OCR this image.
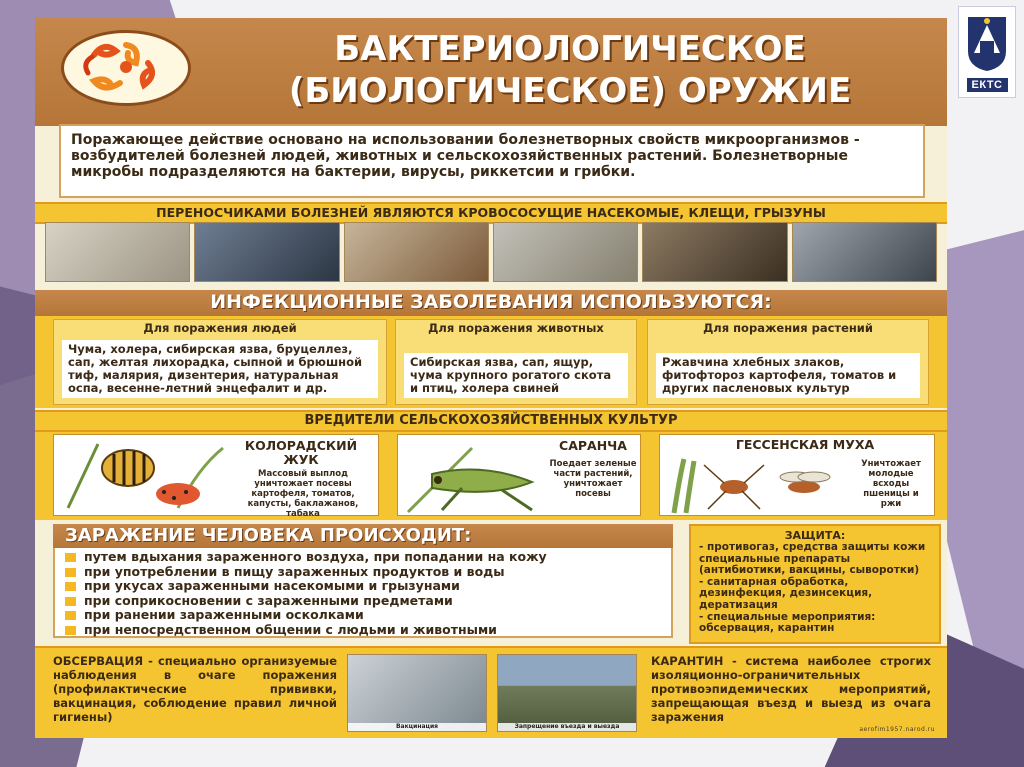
ЕКТС
БАКТЕРИОЛОГИЧЕСКОЕ
(БИОЛОГИЧЕСКОЕ) ОРУЖИЕ
Поражающее действие основано на использовании болезнетворных свойств микроорганизмов - возбудителей болезней людей, животных и сельскохозяйственных растений. Болезнетворные микробы подразделяются на бактерии, вирусы, риккетсии и грибки.
ПЕРЕНОСЧИКАМИ БОЛЕЗНЕЙ ЯВЛЯЮТСЯ КРОВОСОСУЩИЕ НАСЕКОМЫЕ, КЛЕЩИ, ГРЫЗУНЫ
ИНФЕКЦИОННЫЕ ЗАБОЛЕВАНИЯ ИСПОЛЬЗУЮТСЯ:
Для поражения людей
Чума, холера, сибирская язва, бруцеллез, сап, желтая лихорадка, сыпной и брюшной тиф, малярия, дизентерия, натуральная оспа, весенне-летний энцефалит и др.
Для поражения животных
Сибирская язва, сап, ящур, чума крупного рогатого скота и птиц, холера свиней
Для поражения растений
Ржавчина хлебных злаков, фитофтороз картофеля, томатов и других пасленовых культур
ВРЕДИТЕЛИ СЕЛЬСКОХОЗЯЙСТВЕННЫХ КУЛЬТУР
КОЛОРАДСКИЙ ЖУК
Массовый выплод уничтожает посевы картофеля, томатов, капусты, баклажанов, табака
САРАНЧА
Поедает зеленые части растений, уничтожает посевы
ГЕССЕНСКАЯ МУХА
Уничтожает молодые всходы пшеницы и ржи
ЗАРАЖЕНИЕ ЧЕЛОВЕКА ПРОИСХОДИТ:
путем вдыхания зараженного воздуха, при попадании на кожу
при употреблении в пищу зараженных продуктов и воды
при укусах зараженными насекомыми и грызунами
при соприкосновении с зараженными предметами
при ранении зараженными осколками
при непосредственном общении с людьми и животными
ЗАЩИТА:
- противогаз, средства защиты кожи специальные препараты (антибиотики, вакцины, сыворотки)
- санитарная обработка, дезинфекция, дезинсекция, дератизация
- специальные мероприятия: обсервация, карантин
ОБСЕРВАЦИЯ - специально организуемые наблюдения в очаге поражения (профилактические прививки, вакцинация, соблюдение правил личной гигиены)
Вакцинация	Запрещение въезда и выезда
КАРАНТИН - система наиболее строгих изоляционно-ограничительных противоэпидемических мероприятий, запрещающая въезд и выезд из очага заражения
aerofim1957.narod.ru
